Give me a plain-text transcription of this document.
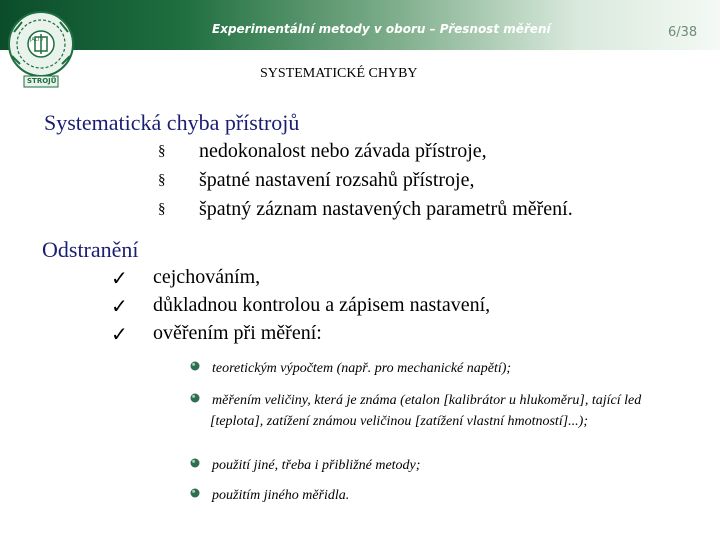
JALTV
STROJŮ
Experimentální metody v oboru – Přesnost měření	6/38
SYSTEMATICKÉ CHYBY
Systematická chyba přístrojů
§ nedokonalost nebo závada přístroje,
§ špatné nastavení rozsahů přístroje,
§ špatný záznam nastavených parametrů měření.
Odstranění
✓ cejchováním,
✓ důkladnou kontrolou a zápisem nastavení,
✓ ověřením při měření:
teoretickým výpočtem (např. pro mechanické napětí);
měřením veličiny, která je známa (etalon [kalibrátor u hlukoměru], tající led [teplota], zatížení známou veličinou [zatížení vlastní hmotností]...);
použití jiné, třeba i přibližné metody;
použitím jiného měřidla.
